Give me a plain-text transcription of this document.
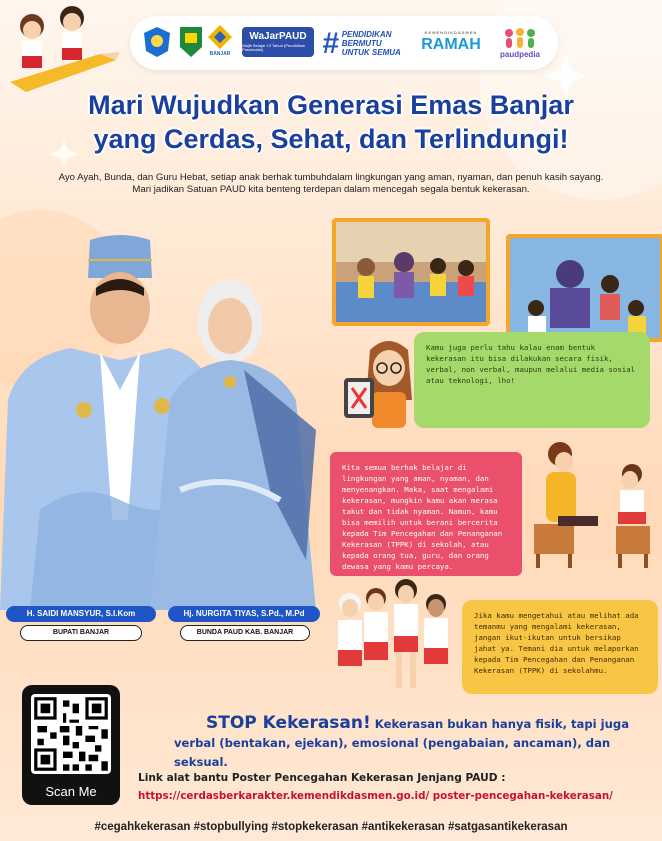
BANJAR
WaJarPAUD
Wajib Belajar 13 Tahun (Pendidikan Prasekolah)	# PENDIDIKAN BERMUTU UNTUK SEMUA
KEMENDIKDASMEN
RAMAH
paudpedia
Mari Wujudkan Generasi Emas Banjar
yang Cerdas, Sehat, dan Terlindungi!
Ayo Ayah, Bunda, dan Guru Hebat, setiap anak berhak tumbuhdalam lingkungan yang aman, nyaman, dan penuh kasih sayang.
Mari jadikan Satuan PAUD kita benteng terdepan dalam mencegah segala bentuk kekerasan.
H. SAIDI MANSYUR, S.I.Kom
BUPATI BANJAR
Hj. NURGITA TIYAS, S.Pd., M.Pd
BUNDA PAUD KAB. BANJAR
Kamu juga perlu tahu kalau enam bentuk kekerasan itu bisa dilakukan secara fisik, verbal, non verbal, maupun melalui media sosial atau teknologi, lho!
Kita semua berhak belajar di lingkungan yang aman, nyaman, dan menyenangkan. Maka, saat mengalami kekerasan, mungkin kamu akan merasa takut dan tidak nyaman. Namun, kamu bisa memilih untuk berani bercerita kepada Tim Pencegahan dan Penanganan Kekerasan (TPPK) di sekolah, atau kepada orang tua, guru, dan orang dewasa yang kamu percaya.
Jika kamu mengetahui atau melihat ada temanmu yang mengalami kekerasan, jangan ikut-ikutan untuk bersikap jahat ya. Temani dia untuk melaporkan kepada Tim Pencegahan dan Penanganan Kekerasan (TPPK) di sekolahmu.
Scan Me
STOP Kekerasan! Kekerasan bukan hanya fisik, tapi juga
verbal (bentakan, ejekan), emosional (pengabaian, ancaman), dan seksual.
Link alat bantu Poster Pencegahan Kekerasan Jenjang PAUD :
https://cerdasberkarakter.kemendikdasmen.go.id/ poster-pencegahan-kekerasan/
#cegahkekerasan #stopbullying #stopkekerasan #antikekerasan #satgasantikekerasan
